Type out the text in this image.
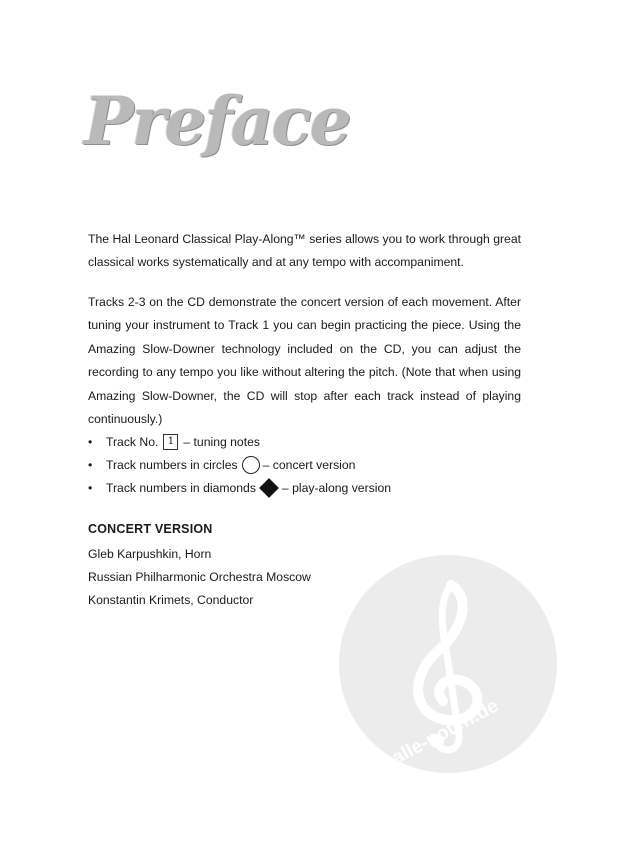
Preface

The Hal Leonard Classical Play-Along™ series allows you to work through great classical works systematically and at any tempo with accompaniment.

Tracks 2-3 on the CD demonstrate the concert version of each movement. After tuning your instrument to Track 1 you can begin practicing the piece. Using the Amazing Slow-Downer technology included on the CD, you can adjust the recording to any tempo you like without altering the pitch. (Note that when using Amazing Slow-Downer, the CD will stop after each track instead of playing continuously.)

•	Track No. 1 – tuning notes
•	Track numbers in circles – concert version
•	Track numbers in diamonds – play-along version
CONCERT VERSION
Gleb Karpushkin, Horn
Russian Philharmonic Orchestra Moscow
Konstantin Krimets, Conductor
alle-noten.de
